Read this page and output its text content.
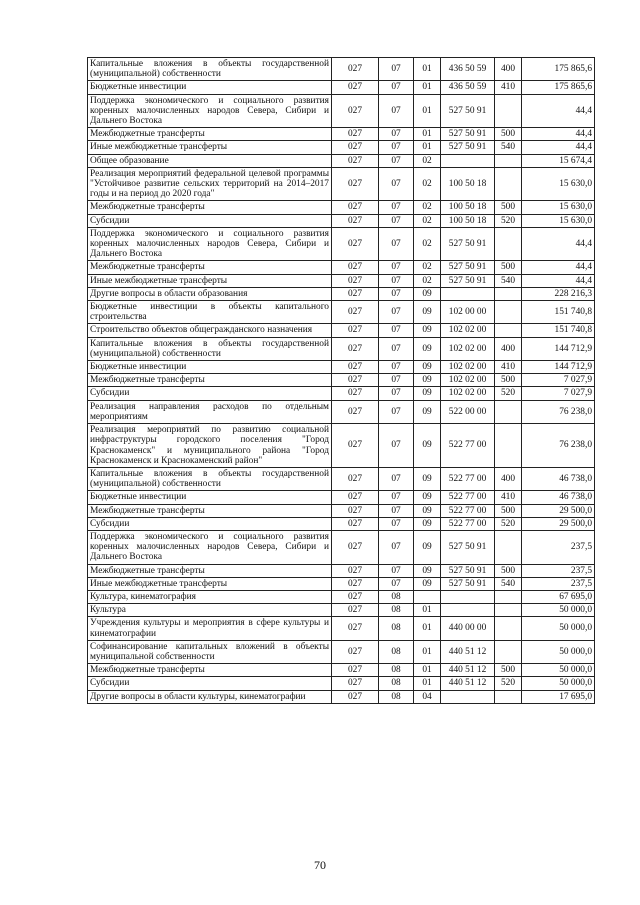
Капитальные вложения в объекты государственной (муниципальной) собственности	027	07	01	436 50 59	400	175 865,6
Бюджетные инвестиции	027	07	01	436 50 59	410	175 865,6
Поддержка экономического и социального развития коренных малочисленных народов Севера, Сибири и Дальнего Востока	027	07	01	527 50 91		44,4
Межбюджетные трансферты	027	07	01	527 50 91	500	44,4
Иные межбюджетные трансферты	027	07	01	527 50 91	540	44,4
Общее образование	027	07	02			15 674,4
Реализация мероприятий федеральной целевой программы "Устойчивое развитие сельских территорий на 2014–2017 годы и на период до 2020 года"	027	07	02	100 50 18		15 630,0
Межбюджетные трансферты	027	07	02	100 50 18	500	15 630,0
Субсидии	027	07	02	100 50 18	520	15 630,0
Поддержка экономического и социального развития коренных малочисленных народов Севера, Сибири и Дальнего Востока	027	07	02	527 50 91		44,4
Межбюджетные трансферты	027	07	02	527 50 91	500	44,4
Иные межбюджетные трансферты	027	07	02	527 50 91	540	44,4
Другие вопросы в области образования	027	07	09			228 216,3
Бюджетные инвестиции в объекты капитального строительства	027	07	09	102 00 00		151 740,8
Строительство объектов общегражданского назначения	027	07	09	102 02 00		151 740,8
Капитальные вложения в объекты государственной (муниципальной) собственности	027	07	09	102 02 00	400	144 712,9
Бюджетные инвестиции	027	07	09	102 02 00	410	144 712,9
Межбюджетные трансферты	027	07	09	102 02 00	500	7 027,9
Субсидии	027	07	09	102 02 00	520	7 027,9
Реализация направления расходов по отдельным мероприятиям	027	07	09	522 00 00		76 238,0
Реализация мероприятий по развитию социальной инфраструктуры городского поселения "Город Краснокаменск" и муниципального района "Город Краснокаменск и Краснокаменский район"	027	07	09	522 77 00		76 238,0
Капитальные вложения в объекты государственной (муниципальной) собственности	027	07	09	522 77 00	400	46 738,0
Бюджетные инвестиции	027	07	09	522 77 00	410	46 738,0
Межбюджетные трансферты	027	07	09	522 77 00	500	29 500,0
Субсидии	027	07	09	522 77 00	520	29 500,0
Поддержка экономического и социального развития коренных малочисленных народов Севера, Сибири и Дальнего Востока	027	07	09	527 50 91		237,5
Межбюджетные трансферты	027	07	09	527 50 91	500	237,5
Иные межбюджетные трансферты	027	07	09	527 50 91	540	237,5
Культура, кинематография	027	08				67 695,0
Культура	027	08	01			50 000,0
Учреждения культуры и мероприятия в сфере культуры и кинематографии	027	08	01	440 00 00		50 000,0
Софинансирование капитальных вложений в объекты муниципальной собственности	027	08	01	440 51 12		50 000,0
Межбюджетные трансферты	027	08	01	440 51 12	500	50 000,0
Субсидии	027	08	01	440 51 12	520	50 000,0
Другие вопросы в области культуры, кинематографии	027	08	04			17 695,0
70
